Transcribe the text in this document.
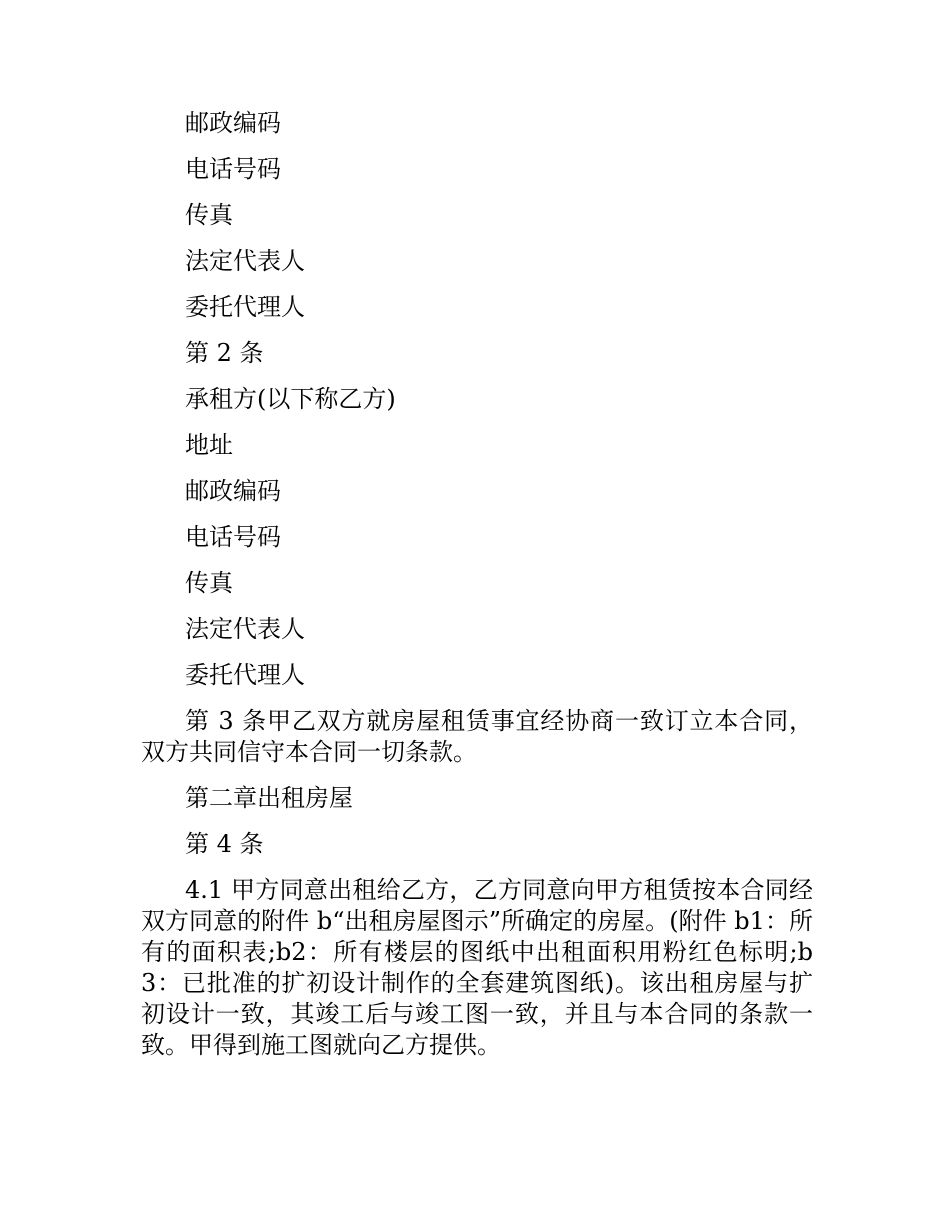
邮政编码

电话号码

传真

法定代表人

委托代理人

第 2 条

承租方(以下称乙方)

地址

邮政编码

电话号码

传真

法定代表人

委托代理人

第 3 条甲乙双方就房屋租赁事宜经协商一致订立本合同，双方共同信守本合同一切条款。

第二章出租房屋

第 4 条

4.1 甲方同意出租给乙方，乙方同意向甲方租赁按本合同经双方同意的附件 b“出租房屋图示”所确定的房屋。(附件 b1：所有的面积表;b2：所有楼层的图纸中出租面积用粉红色标明;b3：已批准的扩初设计制作的全套建筑图纸)。该出租房屋与扩初设计一致，其竣工后与竣工图一致，并且与本合同的条款一致。甲得到施工图就向乙方提供。
